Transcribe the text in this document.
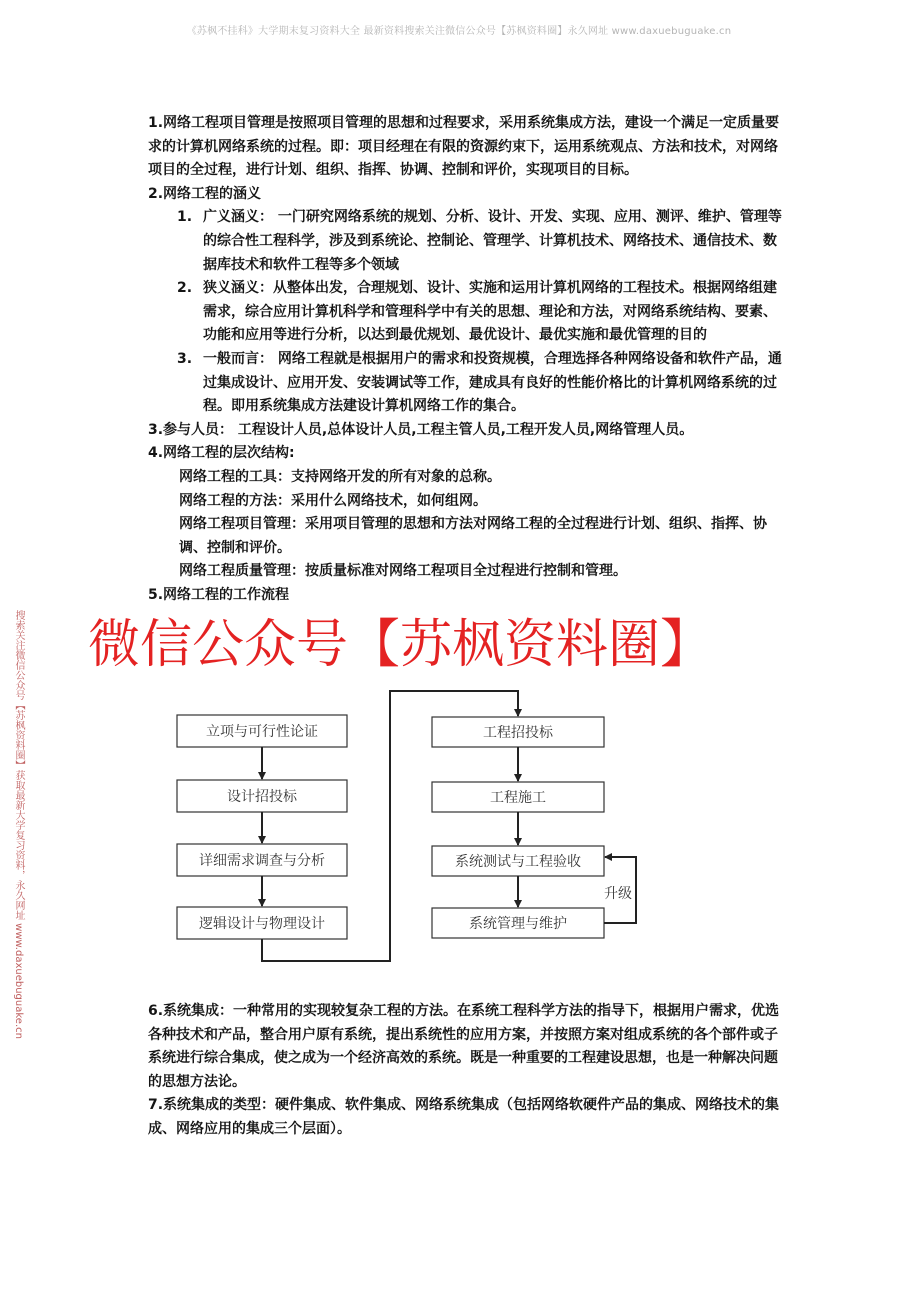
《苏枫不挂科》大学期末复习资料大全 最新资料搜索关注微信公众号【苏枫资料圈】永久网址 www.daxuebuguake.cn
搜索关注微信公众号【苏枫资料圈】获取最新大学复习资料，永久网址 www.daxuebuguake.cn

1.网络工程项目管理是按照项目管理的思想和过程要求，采用系统集成方法，建设一个满足一定质量要求的计算机网络系统的过程。即：项目经理在有限的资源约束下，运用系统观点、方法和技术，对网络项目的全过程，进行计划、组织、指挥、协调、控制和评价，实现项目的目标。

2.网络工程的涵义

1. 广义涵义： 一门研究网络系统的规划、分析、设计、开发、实现、应用、测评、维护、管理等的综合性工程科学，涉及到系统论、控制论、管理学、计算机技术、网络技术、通信技术、数据库技术和软件工程等多个领域
2. 狭义涵义：从整体出发，合理规划、设计、实施和运用计算机网络的工程技术。根据网络组建需求，综合应用计算机科学和管理科学中有关的思想、理论和方法，对网络系统结构、要素、功能和应用等进行分析，以达到最优规划、最优设计、最优实施和最优管理的目的
3. 一般而言： 网络工程就是根据用户的需求和投资规模，合理选择各种网络设备和软件产品，通过集成设计、应用开发、安装调试等工作，建成具有良好的性能价格比的计算机网络系统的过程。即用系统集成方法建设计算机网络工作的集合。

3.参与人员： 工程设计人员,总体设计人员,工程主管人员,工程开发人员,网络管理人员。

4.网络工程的层次结构:

网络工程的工具：支持网络开发的所有对象的总称。

网络工程的方法：采用什么网络技术，如何组网。

网络工程项目管理：采用项目管理的思想和方法对网络工程的全过程进行计划、组织、指挥、协调、控制和评价。

网络工程质量管理：按质量标准对网络工程项目全过程进行控制和管理。

5.网络工程的工作流程

立项与可行性论证
设计招投标
详细需求调查与分析
逻辑设计与物理设计
工程招投标
工程施工
系统测试与工程验收
系统管理与维护
升级
微信公众号【苏枫资料圈】

6.系统集成：一种常用的实现较复杂工程的方法。在系统工程科学方法的指导下，根据用户需求，优选各种技术和产品，整合用户原有系统，提出系统性的应用方案，并按照方案对组成系统的各个部件或子系统进行综合集成，使之成为一个经济高效的系统。既是一种重要的工程建设思想，也是一种解决问题的思想方法论。

7.系统集成的类型：硬件集成、软件集成、网络系统集成（包括网络软硬件产品的集成、网络技术的集成、网络应用的集成三个层面）。
